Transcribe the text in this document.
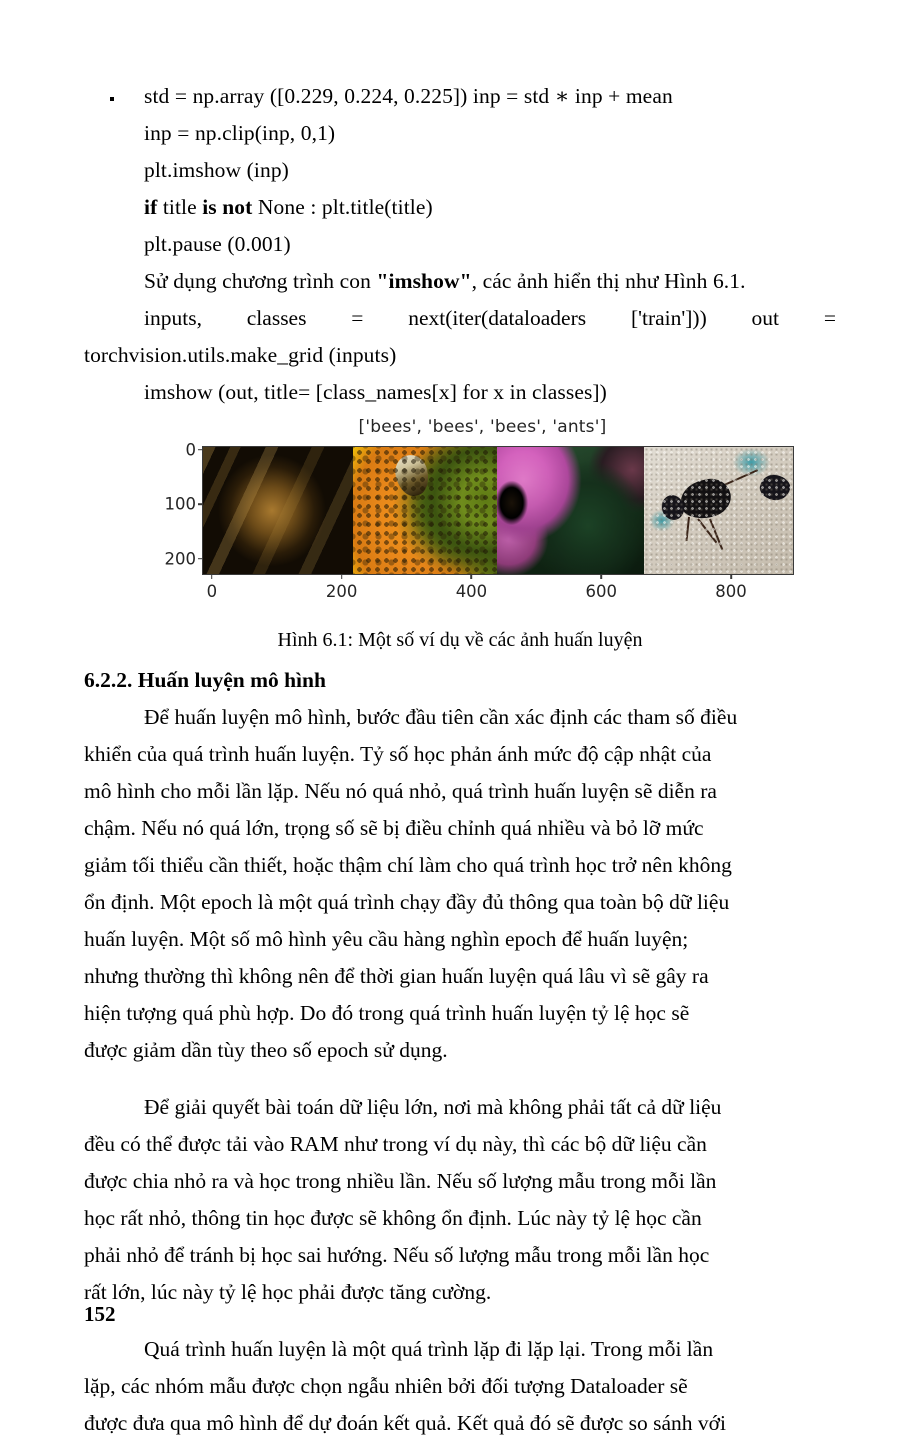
std = np.array ([0.229, 0.224, 0.225]) inp = std ∗ inp + mean
inp = np.clip(inp, 0,1)
plt.imshow (inp)
if title is not None : plt.title(title)
plt.pause (0.001)
Sử dụng chương trình con "imshow", các ảnh hiển thị như Hình 6.1.
inputs, classes = next(iter(dataloaders ['train'])) out =
torchvision.utils.make_grid (inputs)
imshow (out, title= [class_names[x] for x in classes])
['bees', 'bees', 'bees', 'ants']
0
100
200
0	200	400	600	800
Hình 6.1: Một số ví dụ về các ảnh huấn luyện
6.2.2. Huấn luyện mô hình
Để huấn luyện mô hình, bước đầu tiên cần xác định các tham số điều
khiển của quá trình huấn luyện. Tỷ số học phản ánh mức độ cập nhật của
mô hình cho mỗi lần lặp. Nếu nó quá nhỏ, quá trình huấn luyện sẽ diễn ra
chậm. Nếu nó quá lớn, trọng số sẽ bị điều chỉnh quá nhiều và bỏ lỡ mức
giảm tối thiểu cần thiết, hoặc thậm chí làm cho quá trình học trở nên không
ổn định. Một epoch là một quá trình chạy đầy đủ thông qua toàn bộ dữ liệu
huấn luyện. Một số mô hình yêu cầu hàng nghìn epoch để huấn luyện;
nhưng thường thì không nên để thời gian huấn luyện quá lâu vì sẽ gây ra
hiện tượng quá phù hợp. Do đó trong quá trình huấn luyện tỷ lệ học sẽ
được giảm dần tùy theo số epoch sử dụng.
Để giải quyết bài toán dữ liệu lớn, nơi mà không phải tất cả dữ liệu
đều có thể được tải vào RAM như trong ví dụ này, thì các bộ dữ liệu cần
được chia nhỏ ra và học trong nhiều lần. Nếu số lượng mẫu trong mỗi lần
học rất nhỏ, thông tin học được sẽ không ổn định. Lúc này tỷ lệ học cần
phải nhỏ để tránh bị học sai hướng. Nếu số lượng mẫu trong mỗi lần học
rất lớn, lúc này tỷ lệ học phải được tăng cường.
Quá trình huấn luyện là một quá trình lặp đi lặp lại. Trong mỗi lần
lặp, các nhóm mẫu được chọn ngẫu nhiên bởi đối tượng Dataloader sẽ
được đưa qua mô hình để dự đoán kết quả. Kết quả đó sẽ được so sánh với
152
